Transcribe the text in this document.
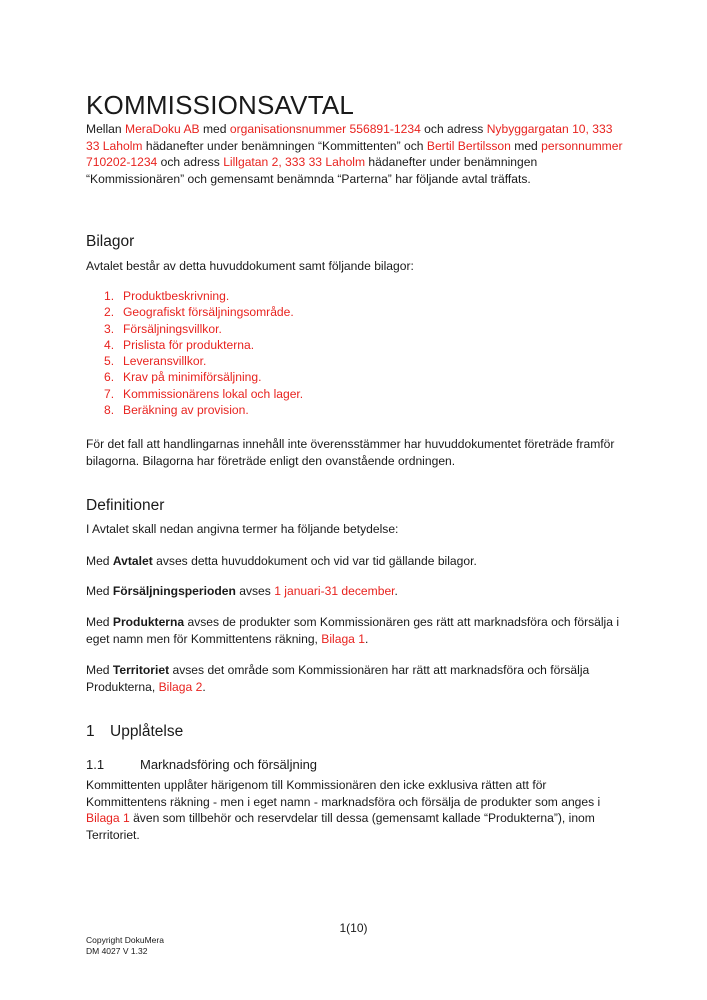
KOMMISSIONSAVTAL

Mellan MeraDoku AB med organisationsnummer 556891-1234 och adress Nybyggargatan 10, 333 33 Laholm hädanefter under benämningen “Kommittenten” och Bertil Bertilsson med personnummer 710202-1234 och adress Lillgatan 2, 333 33 Laholm hädanefter under benämningen “Kommissionären” och gemensamt benämnda “Parterna” har följande avtal träffats.

Bilagor

Avtalet består av detta huvuddokument samt följande bilagor:

1. Produktbeskrivning.
2. Geografiskt försäljningsområde.
3. Försäljningsvillkor.
4. Prislista för produkterna.
5. Leveransvillkor.
6. Krav på minimiförsäljning.
7. Kommissionärens lokal och lager.
8. Beräkning av provision.

För det fall att handlingarnas innehåll inte överensstämmer har huvuddokumentet företräde framför bilagorna. Bilagorna har företräde enligt den ovanstående ordningen.

Definitioner

I Avtalet skall nedan angivna termer ha följande betydelse:

Med Avtalet avses detta huvuddokument och vid var tid gällande bilagor.

Med Försäljningsperioden avses 1 januari-31 december.

Med Produkterna avses de produkter som Kommissionären ges rätt att marknadsföra och försälja i eget namn men för Kommittentens räkning, Bilaga 1.

Med Territoriet avses det område som Kommissionären har rätt att marknadsföra och försälja Produkterna, Bilaga 2.

1 Upplåtelse
1.1	Marknadsföring och försäljning

Kommittenten upplåter härigenom till Kommissionären den icke exklusiva rätten att för Kommittentens räkning - men i eget namn - marknadsföra och försälja de produkter som anges i Bilaga 1 även som tillbehör och reservdelar till dessa (gemensamt kallade “Produkterna”), inom Territoriet.

1(10)
Copyright DokuMera
DM 4027 V 1.32
